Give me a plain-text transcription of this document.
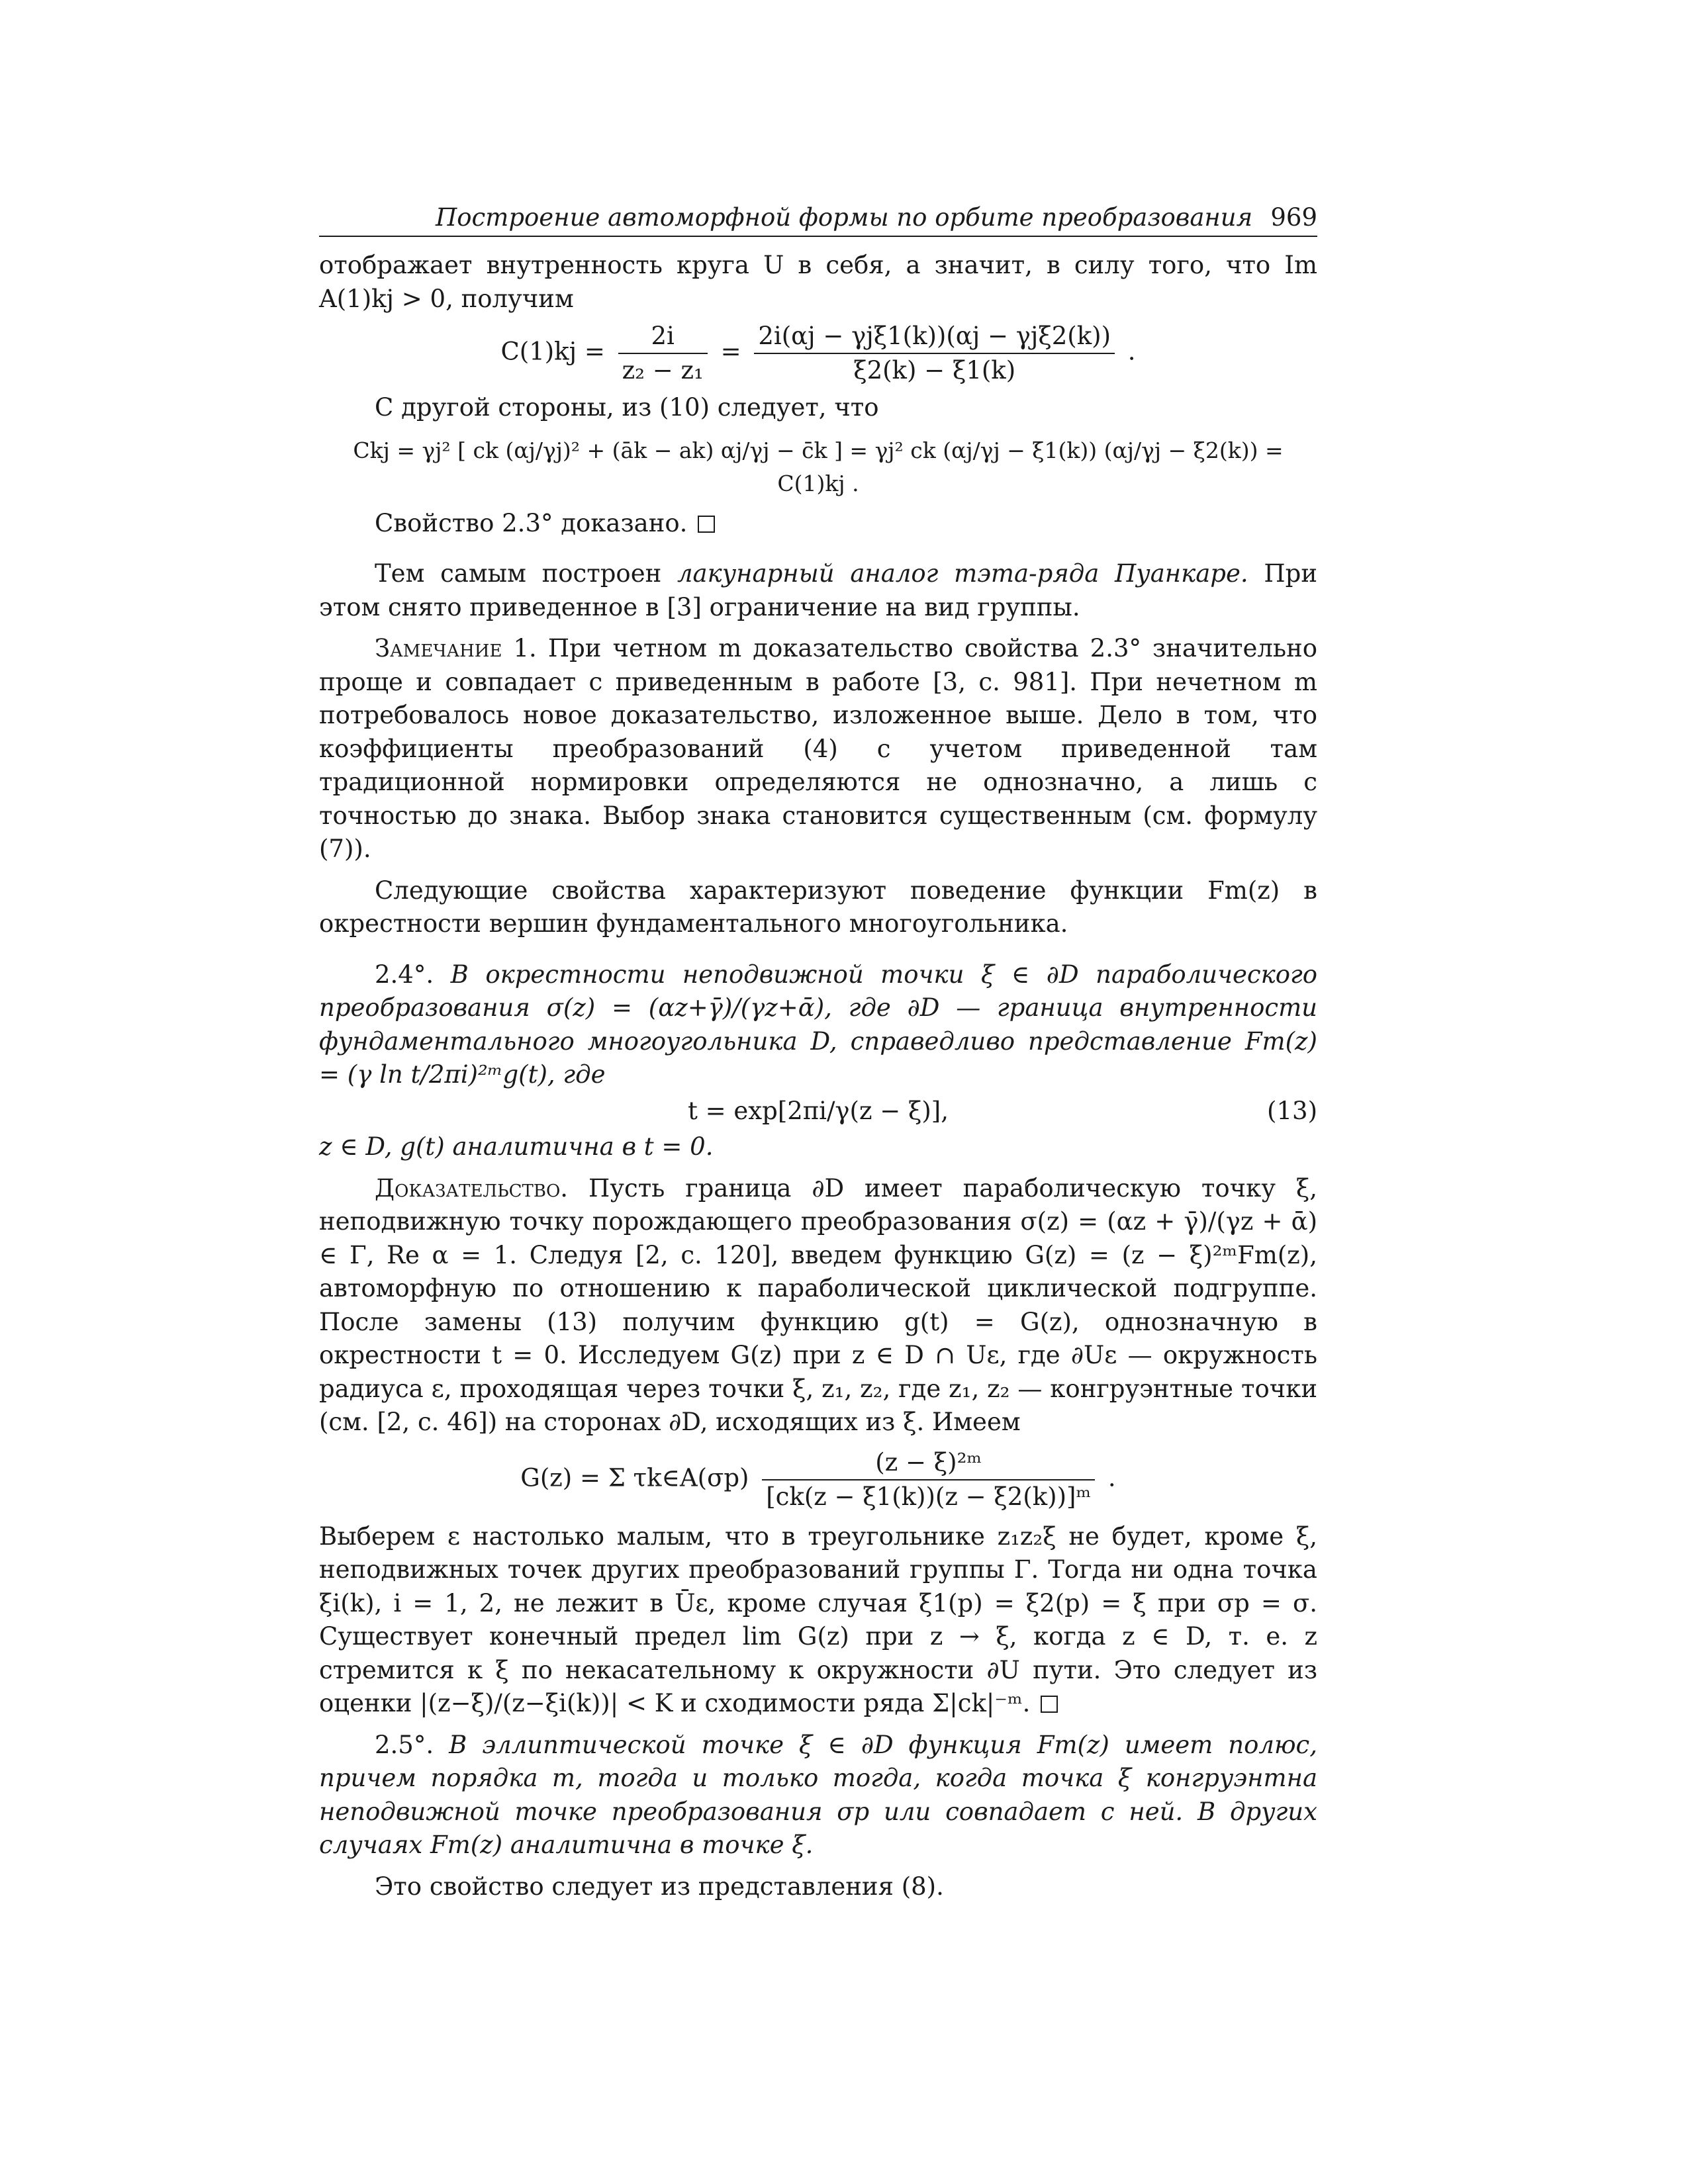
Построение автоморфной формы по орбите преобразования 969

отображает внутренность круга U в себя, а значит, в силу того, что Im A(1)kj > 0, получим

$C(1)kj = \frac{2i}{\text{z₂ − z₁}} = \frac{\text{2i(αj − γjξ1(k))(αj − γjξ2(k))}}{\xi 2(k) - \xi 1(k)}$ .

С другой стороны, из (10) следует, что

Ckj = γj² [ ck (αj/γj)² + (āk − ak) αj/γj − c̄k ] = γj² ck (αj/γj − ξ1(k)) (αj/γj − ξ2(k)) = C(1)kj .

Свойство 2.3° доказано.

Тем самым построен лакунарный аналог тэта-ряда Пуанкаре. При этом снято приведенное в [3] ограничение на вид группы.

Замечание 1. При четном m доказательство свойства 2.3° значительно проще и совпадает с приведенным в работе [3, с. 981]. При нечетном m потребовалось новое доказательство, изложенное выше. Дело в том, что коэффициенты преобразований (4) с учетом приведенной там традиционной нормировки определяются не однозначно, а лишь с точностью до знака. Выбор знака становится существенным (см. формулу (7)).

Следующие свойства характеризуют поведение функции Fm(z) в окрестности вершин фундаментального многоугольника.

2.4°. В окрестности неподвижной точки ξ ∈ ∂D параболического преобразования σ(z) = (αz+γ̄)/(γz+ᾱ), где ∂D — граница внутренности фундаментального многоугольника D, справедливо представление Fm(z) = (γ ln t/2πi)²ᵐg(t), где

t = exp[2πi/γ(z − ξ)],	(13)

z ∈ D, g(t) аналитична в t = 0.

Доказательство. Пусть граница ∂D имеет параболическую точку ξ, неподвижную точку порождающего преобразования σ(z) = (αz + γ̄)/(γz + ᾱ) ∈ Γ, Re α = 1. Следуя [2, с. 120], введем функцию G(z) = (z − ξ)²ᵐFm(z), автоморфную по отношению к параболической циклической подгруппе. После замены (13) получим функцию g(t) = G(z), однозначную в окрестности t = 0. Исследуем G(z) при z ∈ D ∩ Uε, где ∂Uε — окружность радиуса ε, проходящая через точки ξ, z₁, z₂, где z₁, z₂ — конгруэнтные точки (см. [2, с. 46]) на сторонах ∂D, исходящих из ξ. Имеем

G(z) = Σ τk∈A(σp) $\frac{\text{(z − ξ)²ᵐ}}{\text{[ck(z − ξ1(k))(z − ξ2(k))]ᵐ}}$ .

Выберем ε настолько малым, что в треугольнике z₁z₂ξ не будет, кроме ξ, неподвижных точек других преобразований группы Γ. Тогда ни одна точка ξi(k), i = 1, 2, не лежит в Ūε, кроме случая ξ1(p) = ξ2(p) = ξ при σp = σ. Существует конечный предел lim G(z) при z → ξ, когда z ∈ D, т. е. z стремится к ξ по некасательному к окружности ∂U пути. Это следует из оценки |(z−ξ)/(z−ξi(k))| < K и сходимости ряда Σ|ck|⁻ᵐ.

2.5°. В эллиптической точке ξ ∈ ∂D функция Fm(z) имеет полюс, причем порядка m, тогда и только тогда, когда точка ξ конгруэнтна неподвижной точке преобразования σp или совпадает с ней. В других случаях Fm(z) аналитична в точке ξ.

Это свойство следует из представления (8).
